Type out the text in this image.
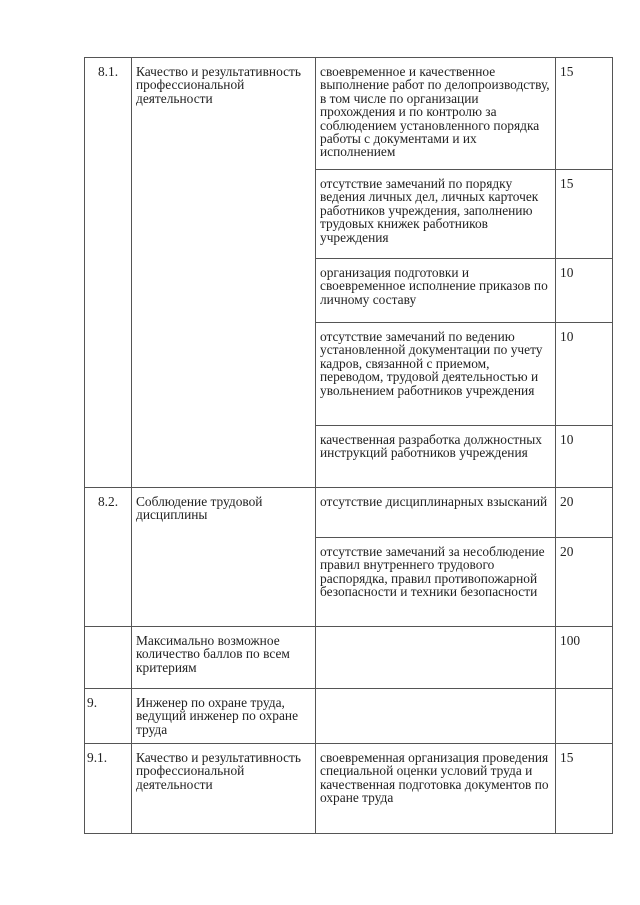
8.1.	Качество и результативность профессиональной деятельности	своевременное и качественное выполнение работ по делопроизводству, в том числе по организации прохождения и по контролю за соблюдением установленного порядка работы с документами и их исполнением	15
		отсутствие замечаний по порядку ведения личных дел, личных карточек работников учреждения, заполнению трудовых книжек работников учреждения	15
		организация подготовки и своевременное исполнение приказов по личному составу	10
		отсутствие замечаний по ведению установленной документации по учету кадров, связанной с приемом, переводом, трудовой деятельностью и увольнением работников учреждения	10
		качественная разработка должностных инструкций работников учреждения	10
8.2.	Соблюдение трудовой дисциплины	отсутствие дисциплинарных взысканий	20
		отсутствие замечаний за несоблюдение правил внутреннего трудового распорядка, правил противопожарной безопасности и техники безопасности	20
	Максимально возможное количество баллов по всем критериям		100
9.	Инженер по охране труда, ведущий инженер по охране труда		
9.1.	Качество и результативность профессиональной деятельности	своевременная организация проведения специальной оценки условий труда и качественная подготовка документов по охране труда	15
